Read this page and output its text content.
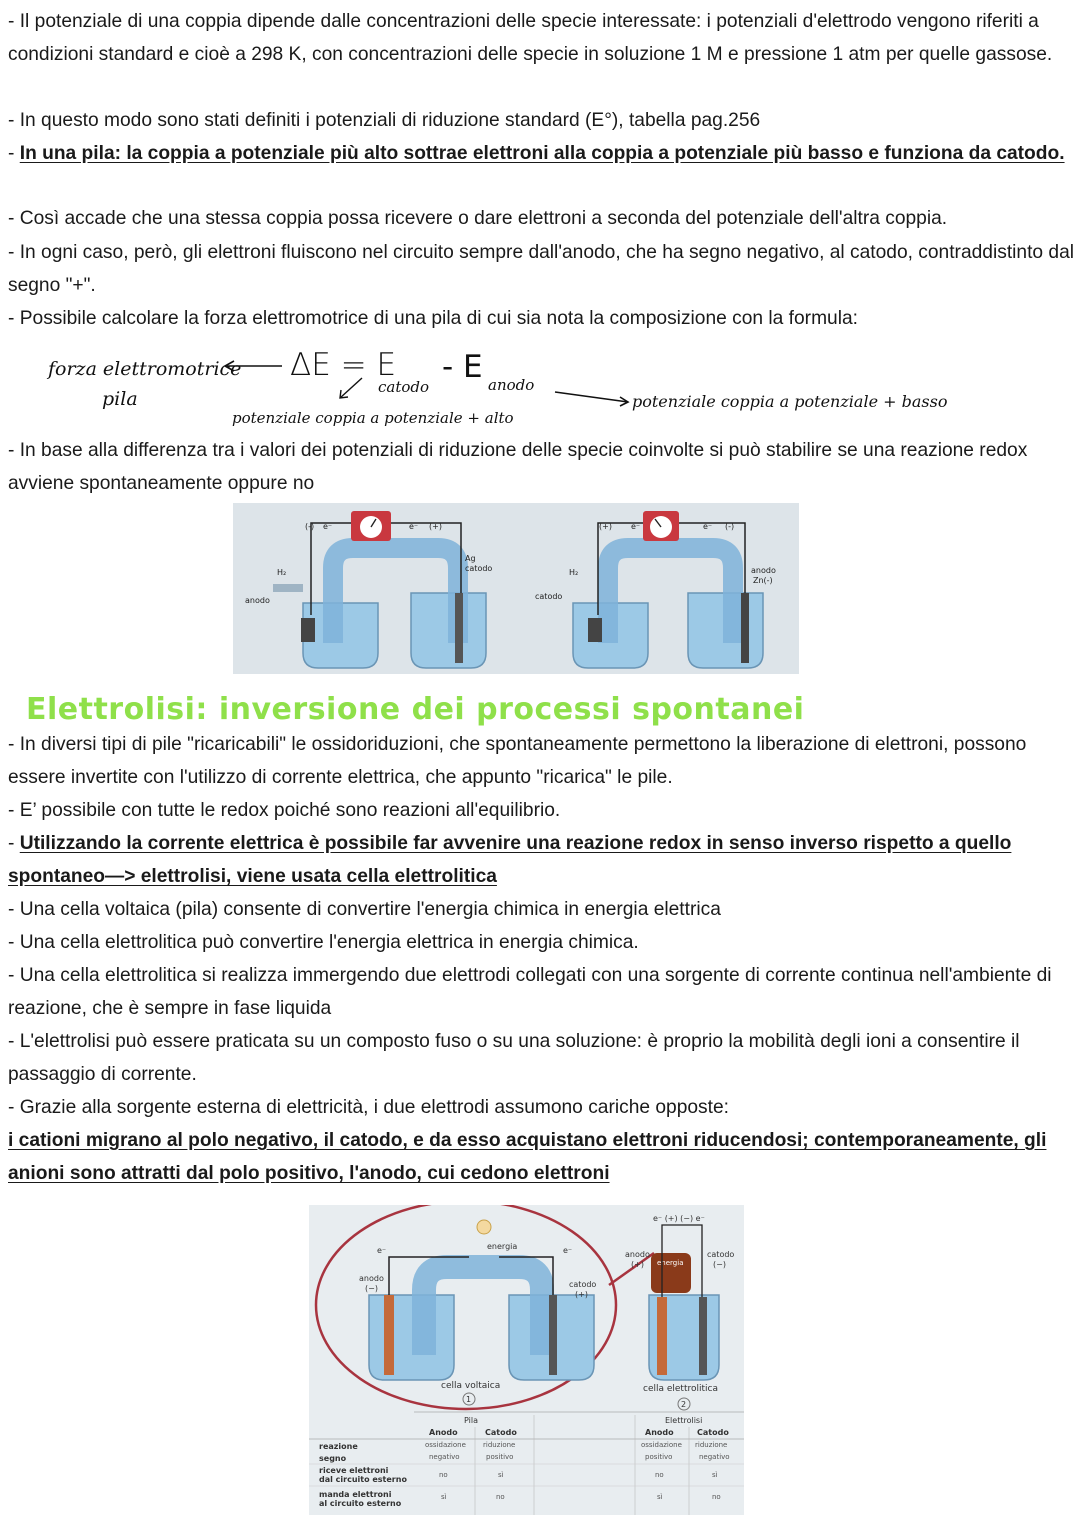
- Il potenziale di una coppia dipende dalle concentrazioni delle specie interessate: i potenziali d'elettrodo vengono riferiti a condizioni standard e cioè a 298 K, con concentrazioni delle specie in soluzione 1 M e pressione 1 atm per quelle gassose.

- In questo modo sono stati definiti i potenziali di riduzione standard (E°), tabella pag.256

- In una pila: la coppia a potenziale più alto sottrae elettroni alla coppia a potenziale più basso e funziona da catodo.

- Così accade che una stessa coppia possa ricevere o dare elettroni a seconda del potenziale dell'altra coppia.

- In ogni caso, però, gli elettroni fluiscono nel circuito sempre dall'anodo, che ha segno negativo, al catodo, contraddistinto dal segno "+".

- Possibile calcolare la forza elettromotrice di una pila di cui sia nota la composizione con la formula:

forza elettromotrice
pila
ΔE = E
catodo
- E anodo
potenziale coppia a potenziale + alto
potenziale coppia a potenziale + basso

- In base alla differenza tra i valori dei potenziali di riduzione delle specie coinvolte si può stabilire se una reazione redox avviene spontaneamente oppure no

(-) e⁻	e⁻ (+)
H₂
Ag
catodo
anodo
(+) e⁻	e⁻ (-)
H₂
catodo
anodo
Zn(-)
Elettrolisi: inversione dei processi spontanei

- In diversi tipi di pile "ricaricabili" le ossidoriduzioni, che spontaneamente permettono la liberazione di elettroni, possono essere invertite con l'utilizzo di corrente elettrica, che appunto "ricarica" le pile.

- E’ possibile con tutte le redox poiché sono reazioni all'equilibrio.

- Utilizzando la corrente elettrica è possibile far avvenire una reazione redox in senso inverso rispetto a quello spontaneo—> elettrolisi, viene usata cella elettrolitica

- Una cella voltaica (pila) consente di convertire l'energia chimica in energia elettrica

- Una cella elettrolitica può convertire l'energia elettrica in energia chimica.

- Una cella elettrolitica si realizza immergendo due elettrodi collegati con una sorgente di corrente continua nell'ambiente di reazione, che è sempre in fase liquida

- L'elettrolisi può essere praticata su un composto fuso o su una soluzione: è proprio la mobilità degli ioni a consentire il passaggio di corrente.

- Grazie alla sorgente esterna di elettricità, i due elettrodi assumono cariche opposte:

i cationi migrano al polo negativo, il catodo, e da esso acquistano elettroni riducendosi; contemporaneamente, gli anioni sono attratti dal polo positivo, l'anodo, cui cedono elettroni

energia
e⁻	e⁻
anodo
(−)	catodo
(+)
cella voltaica
1
energia
e⁻ (+) (−) e⁻
anodo
(+)
catodo
(−)
cella elettrolitica
2
Pila	Elettrolisi
Anodo	Catodo	Anodo	Catodo
reazione	ossidazione riduzione	ossidazione riduzione
segno	negativo	positivo	positivo	negativo
riceve elettroni
dal circuito esterno	no	sì	no	sì
manda elettroni
al circuito esterno
sì	no	sì	no
